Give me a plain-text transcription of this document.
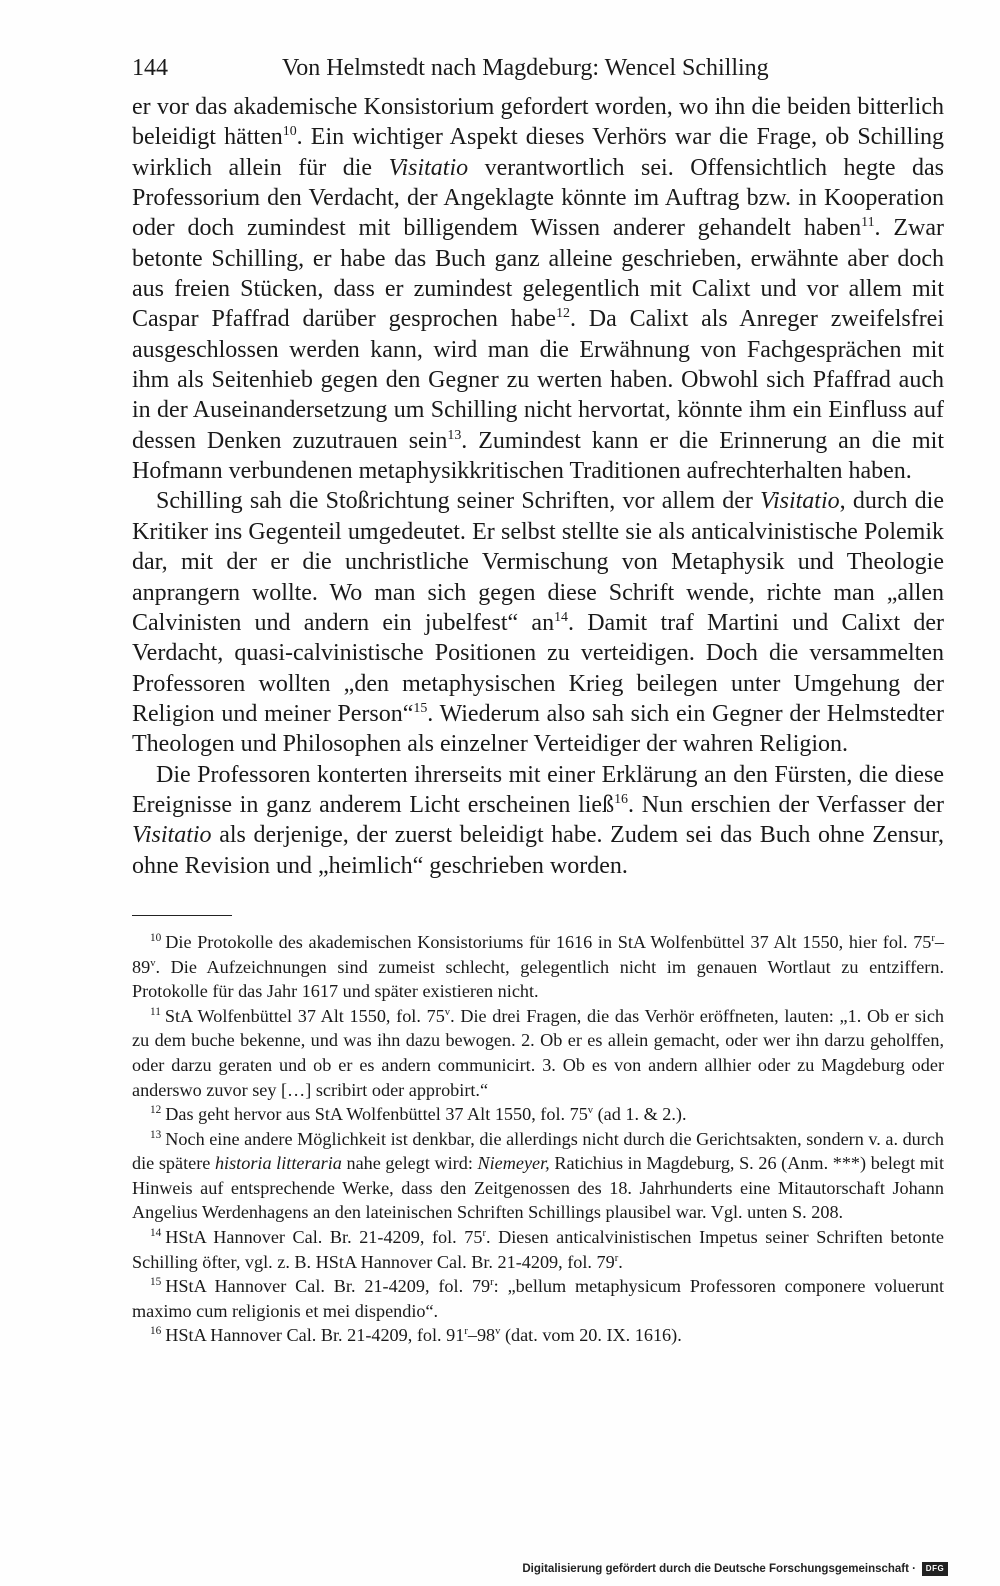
144	Von Helmstedt nach Magdeburg: Wencel Schilling

er vor das akademische Konsistorium gefordert worden, wo ihn die beiden bitterlich beleidigt hätten$^{10}$. Ein wichtiger Aspekt dieses Verhörs war die Frage, ob Schilling wirklich allein für die Visitatio verantwortlich sei. Offensichtlich hegte das Professorium den Verdacht, der Angeklagte könnte im Auftrag bzw. in Kooperation oder doch zumindest mit billigendem Wissen anderer gehandelt haben$^{11}$. Zwar betonte Schilling, er habe das Buch ganz alleine geschrieben, erwähnte aber doch aus freien Stücken, dass er zumindest gelegentlich mit Calixt und vor allem mit Caspar Pfaffrad darüber gesprochen habe$^{12}$. Da Calixt als Anreger zweifelsfrei ausgeschlossen werden kann, wird man die Erwähnung von Fachgesprächen mit ihm als Seitenhieb gegen den Gegner zu werten haben. Obwohl sich Pfaffrad auch in der Auseinandersetzung um Schilling nicht hervortat, könnte ihm ein Einfluss auf dessen Denken zuzutrauen sein$^{13}$. Zumindest kann er die Erinnerung an die mit Hofmann verbundenen metaphysikkritischen Traditionen aufrechterhalten haben.

Schilling sah die Stoßrichtung seiner Schriften, vor allem der Visitatio, durch die Kritiker ins Gegenteil umgedeutet. Er selbst stellte sie als anticalvinistische Polemik dar, mit der er die unchristliche Vermischung von Metaphysik und Theologie anprangern wollte. Wo man sich gegen diese Schrift wende, richte man „allen Calvinisten und andern ein jubelfest“ $an^{14}$. Damit traf Martini und Calixt der Verdacht, quasi-calvinistische Positionen zu verteidigen. Doch die versammelten Professoren wollten „den metaphysischen Krieg beilegen unter Umgehung der Religion und meiner Person“$^{15}$. Wiederum also sah sich ein Gegner der Helmstedter Theologen und Philosophen als einzelner Verteidiger der wahren Religion.

Die Professoren konterten ihrerseits mit einer Erklärung an den Fürsten, die diese Ereignisse in ganz anderem Licht erscheinen ließ$^{16}$. Nun erschien der Verfasser der Visitatio als derjenige, der zuerst beleidigt habe. Zudem sei das Buch ohne Zensur, ohne Revision und „heimlich“ geschrieben worden.

$^{10}$ Die Protokolle des akademischen Konsistoriums für 1616 in StA Wolfenbüttel 37 Alt 1550, hier fol. 75$^r$–89$^v$. Die Aufzeichnungen sind zumeist schlecht, gelegentlich nicht im genauen Wortlaut zu entziffern. Protokolle für das Jahr 1617 und später existieren nicht.

$^{11}$ StA Wolfenbüttel 37 Alt 1550, fol. 75$^v$. Die drei Fragen, die das Verhör eröffneten, lauten: „1. Ob er sich zu dem buche bekenne, und was ihn dazu bewogen. 2. Ob er es allein gemacht, oder wer ihn darzu geholffen, oder darzu geraten und ob er es andern communicirt. 3. Ob es von andern allhier oder zu Magdeburg oder anderswo zuvor sey […] scribirt oder approbirt.“

$^{12}$ Das geht hervor aus StA Wolfenbüttel 37 Alt 1550, fol. 75$^v$ (ad 1. & 2.).

$^{13}$ Noch eine andere Möglichkeit ist denkbar, die allerdings nicht durch die Gerichtsakten, sondern v. a. durch die spätere historia litteraria nahe gelegt wird: Niemeyer, Ratichius in Magdeburg, S. 26 (Anm. ***) belegt mit Hinweis auf entsprechende Werke, dass den Zeitgenossen des 18. Jahrhunderts eine Mitautorschaft Johann Angelius Werdenhagens an den lateinischen Schriften Schillings plausibel war. Vgl. unten S. 208.

$^{14}$ HStA Hannover Cal. Br. 21-4209, fol. 75$^r$. Diesen anticalvinistischen Impetus seiner Schriften betonte Schilling öfter, vgl. z. B. HStA Hannover Cal. Br. 21-4209, fol. 79$^r$.

$^{15}$ HStA Hannover Cal. Br. 21-4209, fol. 79$^r$: „bellum metaphysicum Professoren componere voluerunt maximo cum religionis et mei dispendio“.

$^{16}$ HStA Hannover Cal. Br. 21-4209, fol. 91$^r$–98$^v$ (dat. vom 20. IX. 1616).

Digitalisierung gefördert durch die Deutsche Forschungsgemeinschaft ·	DFG
